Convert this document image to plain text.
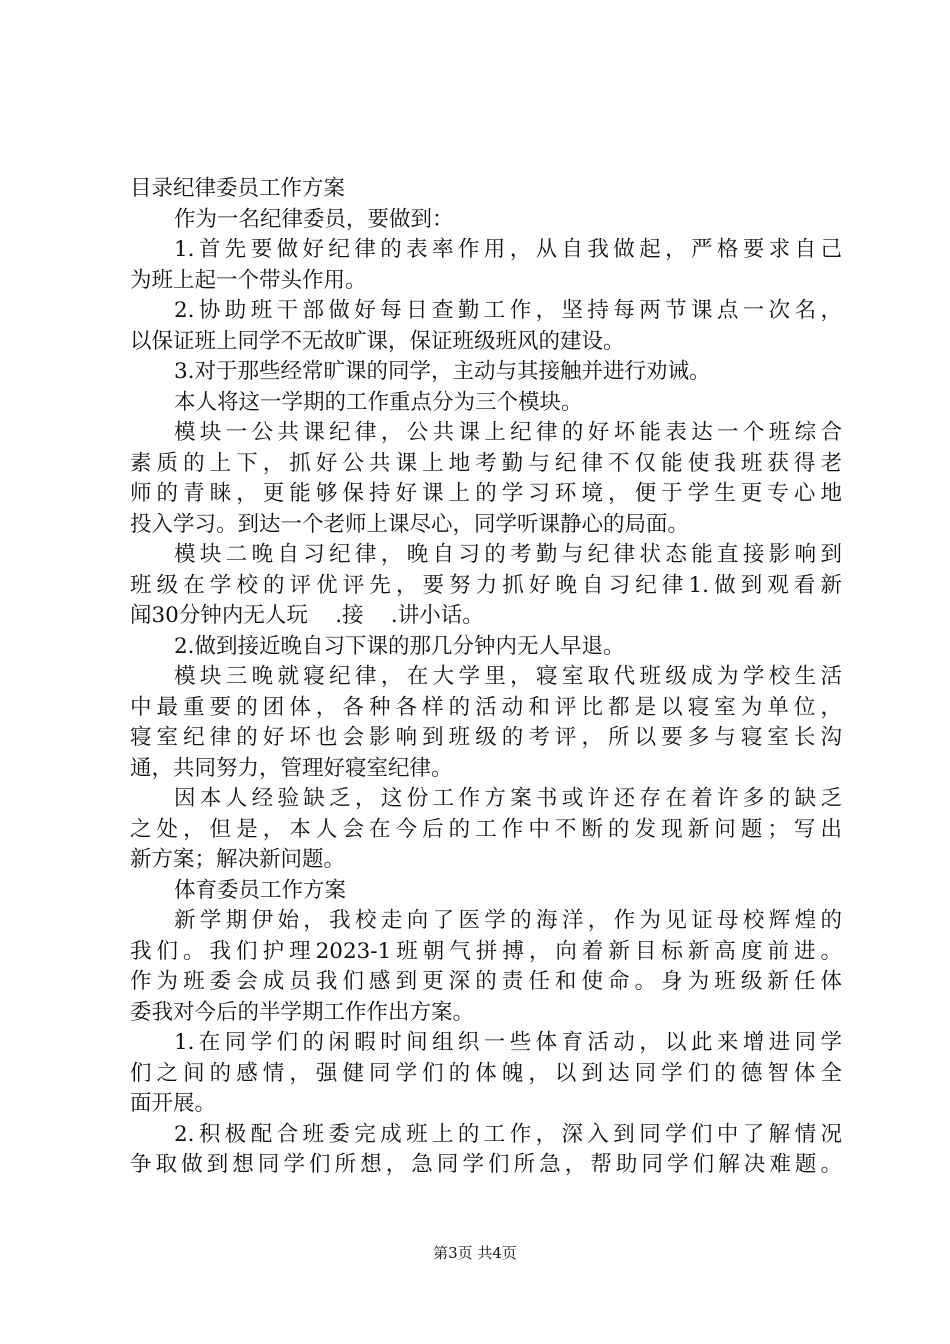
目录纪律委员工作方案
作为一名纪律委员，要做到：
1.首先要做好纪律的表率作用，从自我做起，严格要求自己
为班上起一个带头作用。
2.协助班干部做好每日查勤工作，坚持每两节课点一次名，
以保证班上同学不无故旷课，保证班级班风的建设。
3.对于那些经常旷课的同学，主动与其接触并进行劝诫。
本人将这一学期的工作重点分为三个模块。
模块一公共课纪律，公共课上纪律的好坏能表达一个班综合
素质的上下，抓好公共课上地考勤与纪律不仅能使我班获得老
师的青睐，更能够保持好课上的学习环境，便于学生更专心地
投入学习。到达一个老师上课尽心，同学听课静心的局面。
模块二晚自习纪律，晚自习的考勤与纪律状态能直接影响到
班级在学校的评优评先，要努力抓好晚自习纪律1.做到观看新
闻30分钟内无人玩    .接    .讲小话。
2.做到接近晚自习下课的那几分钟内无人早退。
模块三晚就寝纪律，在大学里，寝室取代班级成为学校生活
中最重要的团体，各种各样的活动和评比都是以寝室为单位，
寝室纪律的好坏也会影响到班级的考评，所以要多与寝室长沟
通，共同努力，管理好寝室纪律。
因本人经验缺乏，这份工作方案书或许还存在着许多的缺乏
之处，但是，本人会在今后的工作中不断的发现新问题；写出
新方案；解决新问题。
体育委员工作方案
新学期伊始，我校走向了医学的海洋，作为见证母校辉煌的
我们。我们护理2023-1班朝气拼搏，向着新目标新高度前进。
作为班委会成员我们感到更深的责任和使命。身为班级新任体
委我对今后的半学期工作作出方案。
1.在同学们的闲暇时间组织一些体育活动，以此来增进同学
们之间的感情，强健同学们的体魄，以到达同学们的德智体全
面开展。
2.积极配合班委完成班上的工作，深入到同学们中了解情况
争取做到想同学们所想，急同学们所急，帮助同学们解决难题。
第3页 共4页
